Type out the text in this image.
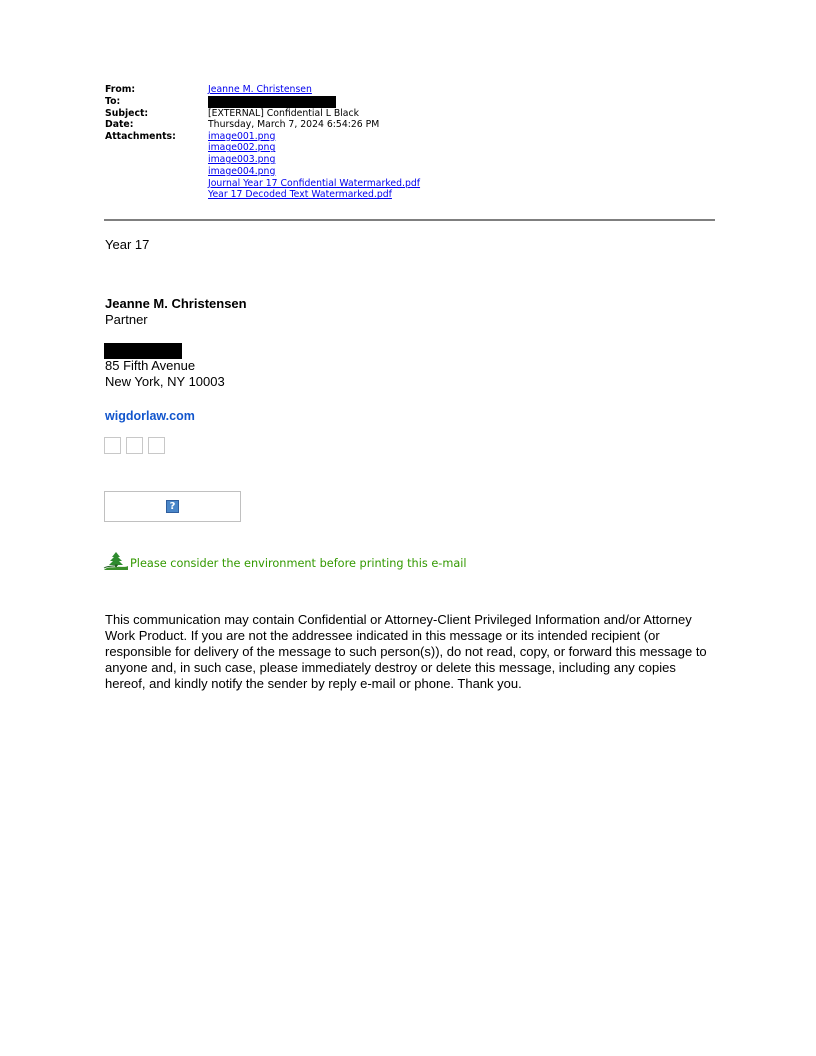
From:	Jeanne M. Christensen
To:
Subject:	[EXTERNAL] Confidential L Black
Date:	Thursday, March 7, 2024 6:54:26 PM
Attachments:	image001.png
image002.png
image003.png
image004.png
Journal Year 17 Confidential Watermarked.pdf
Year 17 Decoded Text Watermarked.pdf
Year 17
Jeanne M. Christensen
Partner
85 Fifth Avenue
New York, NY 10003
wigdorlaw.com
?
Please consider the environment before printing this e-mail
This communication may contain Confidential or Attorney-Client Privileged Information and/or Attorney Work Product. If you are not the addressee indicated in this message or its intended recipient (or responsible for delivery of the message to such person(s)), do not read, copy, or forward this message to anyone and, in such case, please immediately destroy or delete this message, including any copies hereof, and kindly notify the sender by reply e-mail or phone. Thank you.
